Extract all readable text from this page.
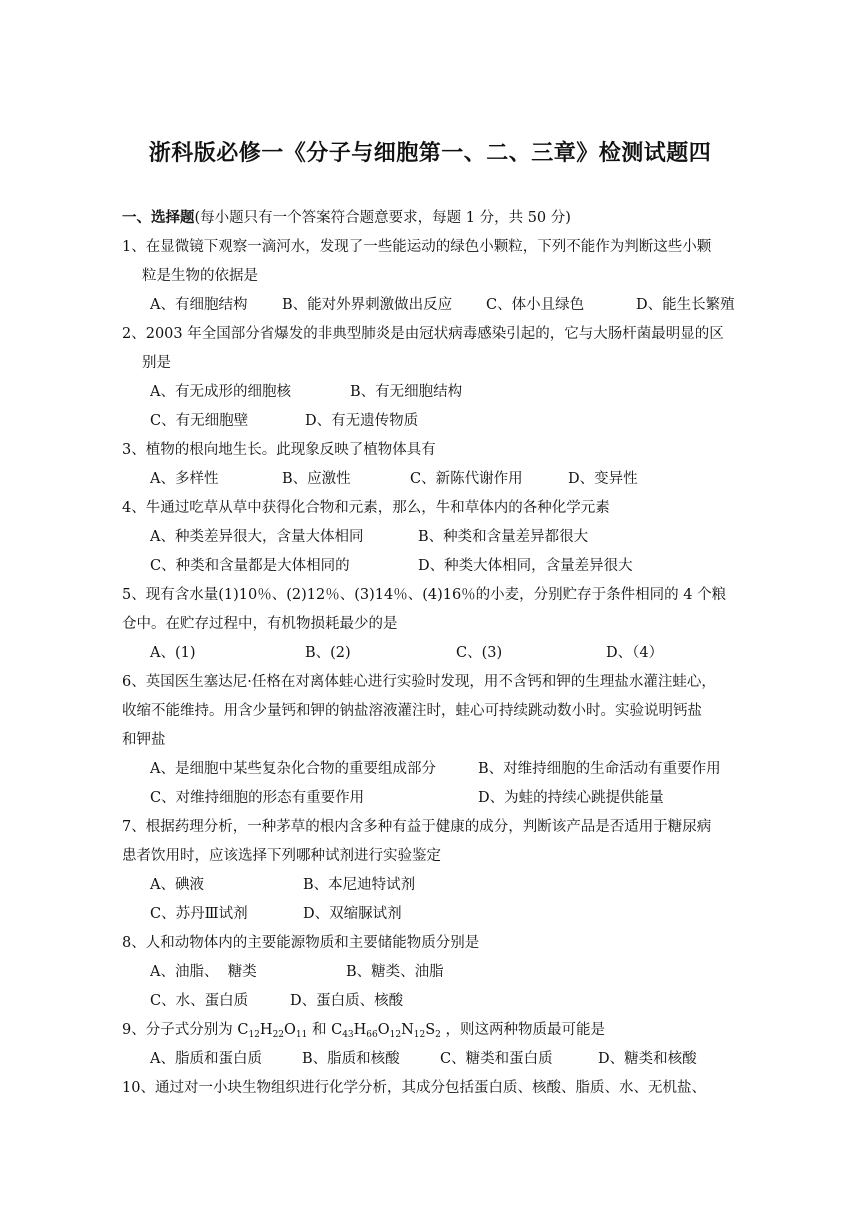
浙科版必修一《分子与细胞第一、二、三章》检测试题四
一、选择题(每小题只有一个答案符合题意要求，每题 1 分，共 50 分)
1、在显微镜下观察一滴河水，发现了一些能运动的绿色小颗粒，下列不能作为判断这些小颗
粒是生物的依据是
A、有细胞结构 B、能对外界刺激做出反应 C、体小且绿色	D、能生长繁殖
2、2003 年全国部分省爆发的非典型肺炎是由冠状病毒感染引起的，它与大肠杆菌最明显的区
别是
A、有无成形的细胞核	B、有无细胞结构
C、有无细胞壁	D、有无遗传物质
3、植物的根向地生长。此现象反映了植物体具有
A、多样性	B、应激性	C、新陈代谢作用	D、变异性
4、牛通过吃草从草中获得化合物和元素，那么，牛和草体内的各种化学元素
A、种类差异很大，含量大体相同	B、种类和含量差异都很大
C、种类和含量都是大体相同的	D、种类大体相同，含量差异很大
5、现有含水量(1)10％、(2)12％、(3)14％、(4)16％的小麦，分别贮存于条件相同的 4 个粮
仓中。在贮存过程中，有机物损耗最少的是
A、(1)	B、(2)	C、(3)	D、（4）
6、英国医生塞达尼·任格在对离体蛙心进行实验时发现，用不含钙和钾的生理盐水灌注蛙心，
收缩不能维持。用含少量钙和钾的钠盐溶液灌注时，蛙心可持续跳动数小时。实验说明钙盐
和钾盐
A、是细胞中某些复杂化合物的重要组成部分	B、对维持细胞的生命活动有重要作用
C、对维持细胞的形态有重要作用	D、为蛙的持续心跳提供能量
7、根据药理分析，一种茅草的根内含多种有益于健康的成分，判断该产品是否适用于糖尿病
患者饮用时，应该选择下列哪种试剂进行实验鉴定
A、碘液	B、本尼迪特试剂
C、苏丹Ⅲ试剂	D、双缩脲试剂
8、人和动物体内的主要能源物质和主要储能物质分别是
A、油脂、  糖类	B、糖类、油脂
C、水、蛋白质	D、蛋白质、核酸
9、分子式分别为 $C_{12}H_{22}O_{11}$ 和 $C_{43}H_{66}O_{12}N_{12}S_2$ ，则这两种物质最可能是
A、脂质和蛋白质	B、脂质和核酸	C、糖类和蛋白质	D、糖类和核酸
10、通过对一小块生物组织进行化学分析，其成分包括蛋白质、核酸、脂质、水、无机盐、
